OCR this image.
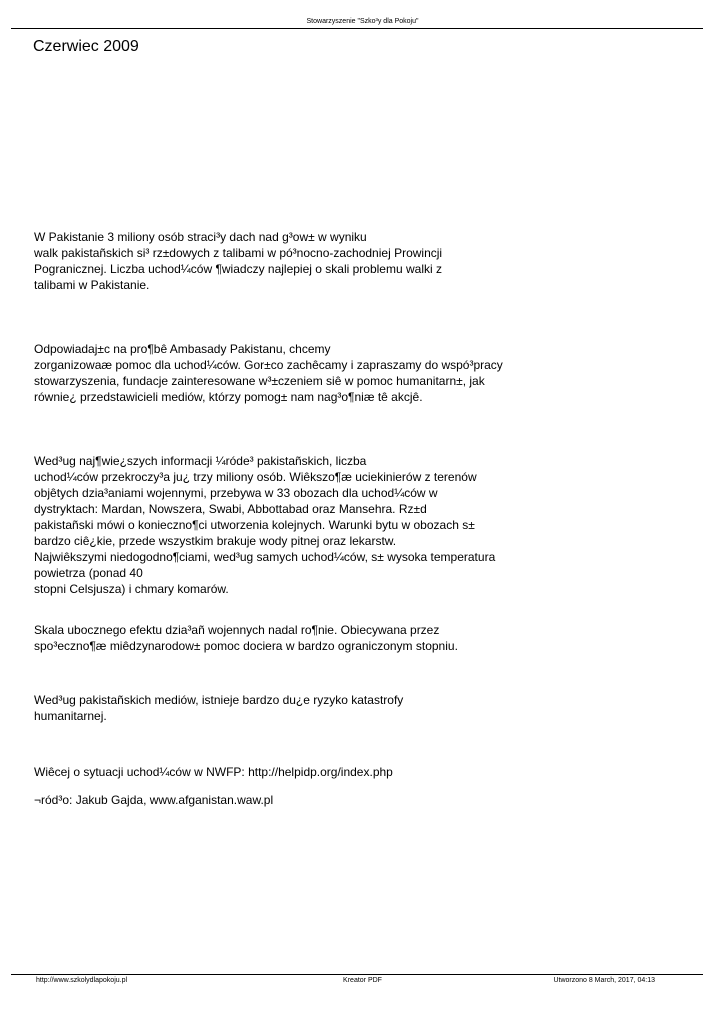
Stowarzyszenie "Szko³y dla Pokoju"
Czerwiec 2009

W Pakistanie 3 miliony osób straci³y dach nad g³ow± w wyniku
walk pakistañskich si³ rz±dowych z talibami w pó³nocno-zachodniej Prowincji
Pogranicznej. Liczba uchod¼ców ¶wiadczy najlepiej o skali problemu walki z
talibami w Pakistanie.

Odpowiadaj±c na pro¶bê Ambasady Pakistanu, chcemy
zorganizowaæ pomoc dla uchod¼ców. Gor±co zachêcamy i zapraszamy do wspó³pracy
stowarzyszenia, fundacje zainteresowane w³±czeniem siê w pomoc humanitarn±, jak
równie¿ przedstawicieli mediów, którzy pomog± nam nag³o¶niæ tê akcjê.

Wed³ug naj¶wie¿szych informacji ¼róde³ pakistañskich, liczba
uchod¼ców przekroczy³a ju¿ trzy miliony osób. Wiêkszo¶æ uciekinierów z terenów
objêtych dzia³aniami wojennymi, przebywa w 33 obozach dla uchod¼ców w
dystryktach: Mardan, Nowszera, Swabi, Abbottabad oraz Mansehra. Rz±d
pakistañski mówi o konieczno¶ci utworzenia kolejnych. Warunki bytu w obozach s±
bardzo ciê¿kie, przede wszystkim brakuje wody pitnej oraz lekarstw.
Najwiêkszymi niedogodno¶ciami, wed³ug samych uchod¼ców, s± wysoka temperatura
powietrza (ponad 40
stopni Celsjusza) i chmary komarów.

Skala ubocznego efektu dzia³añ wojennych nadal ro¶nie. Obiecywana przez
spo³eczno¶æ miêdzynarodow± pomoc dociera w bardzo ograniczonym stopniu.

Wed³ug pakistañskich mediów, istnieje bardzo du¿e ryzyko katastrofy
humanitarnej.

Wiêcej o sytuacji uchod¼ców w NWFP: http://helpidp.org/index.php

¬ród³o: Jakub Gajda, www.afganistan.waw.pl

Kreator PDF
http://www.szkolydlapokoju.pl	Utworzono 8 March, 2017, 04:13
